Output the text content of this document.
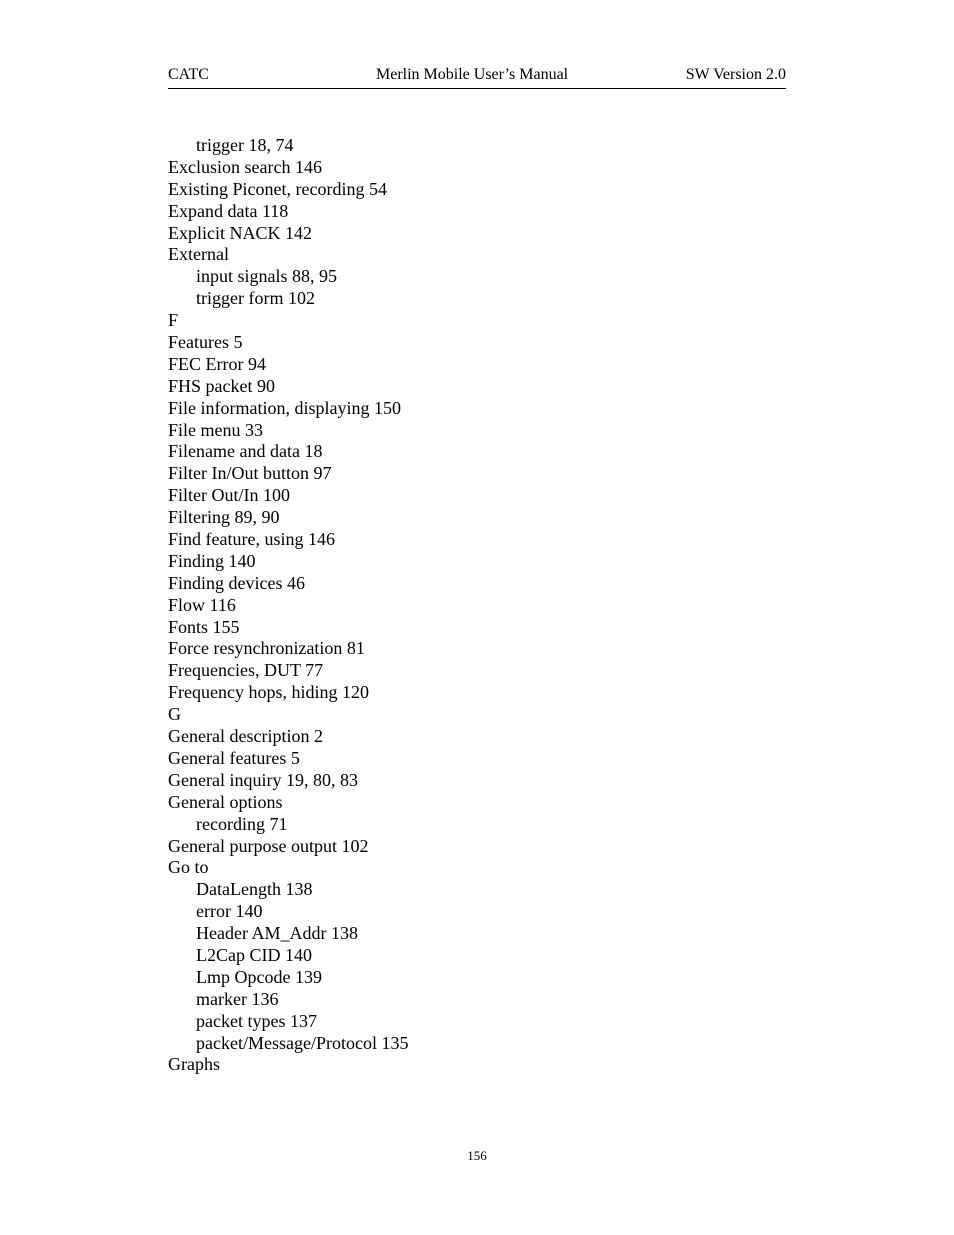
CATC	Merlin Mobile User’s Manual	SW Version 2.0
trigger 18, 74
Exclusion search 146
Existing Piconet, recording 54
Expand data 118
Explicit NACK 142
External
input signals 88, 95
trigger form 102
F
Features 5
FEC Error 94
FHS packet 90
File information, displaying 150
File menu 33
Filename and data 18
Filter In/Out button 97
Filter Out/In 100
Filtering 89, 90
Find feature, using 146
Finding 140
Finding devices 46
Flow 116
Fonts 155
Force resynchronization 81
Frequencies, DUT 77
Frequency hops, hiding 120
G
General description 2
General features 5
General inquiry 19, 80, 83
General options
recording 71
General purpose output 102
Go to
DataLength 138
error 140
Header AM_Addr 138
L2Cap CID 140
Lmp Opcode 139
marker 136
packet types 137
packet/Message/Protocol 135
Graphs
156
